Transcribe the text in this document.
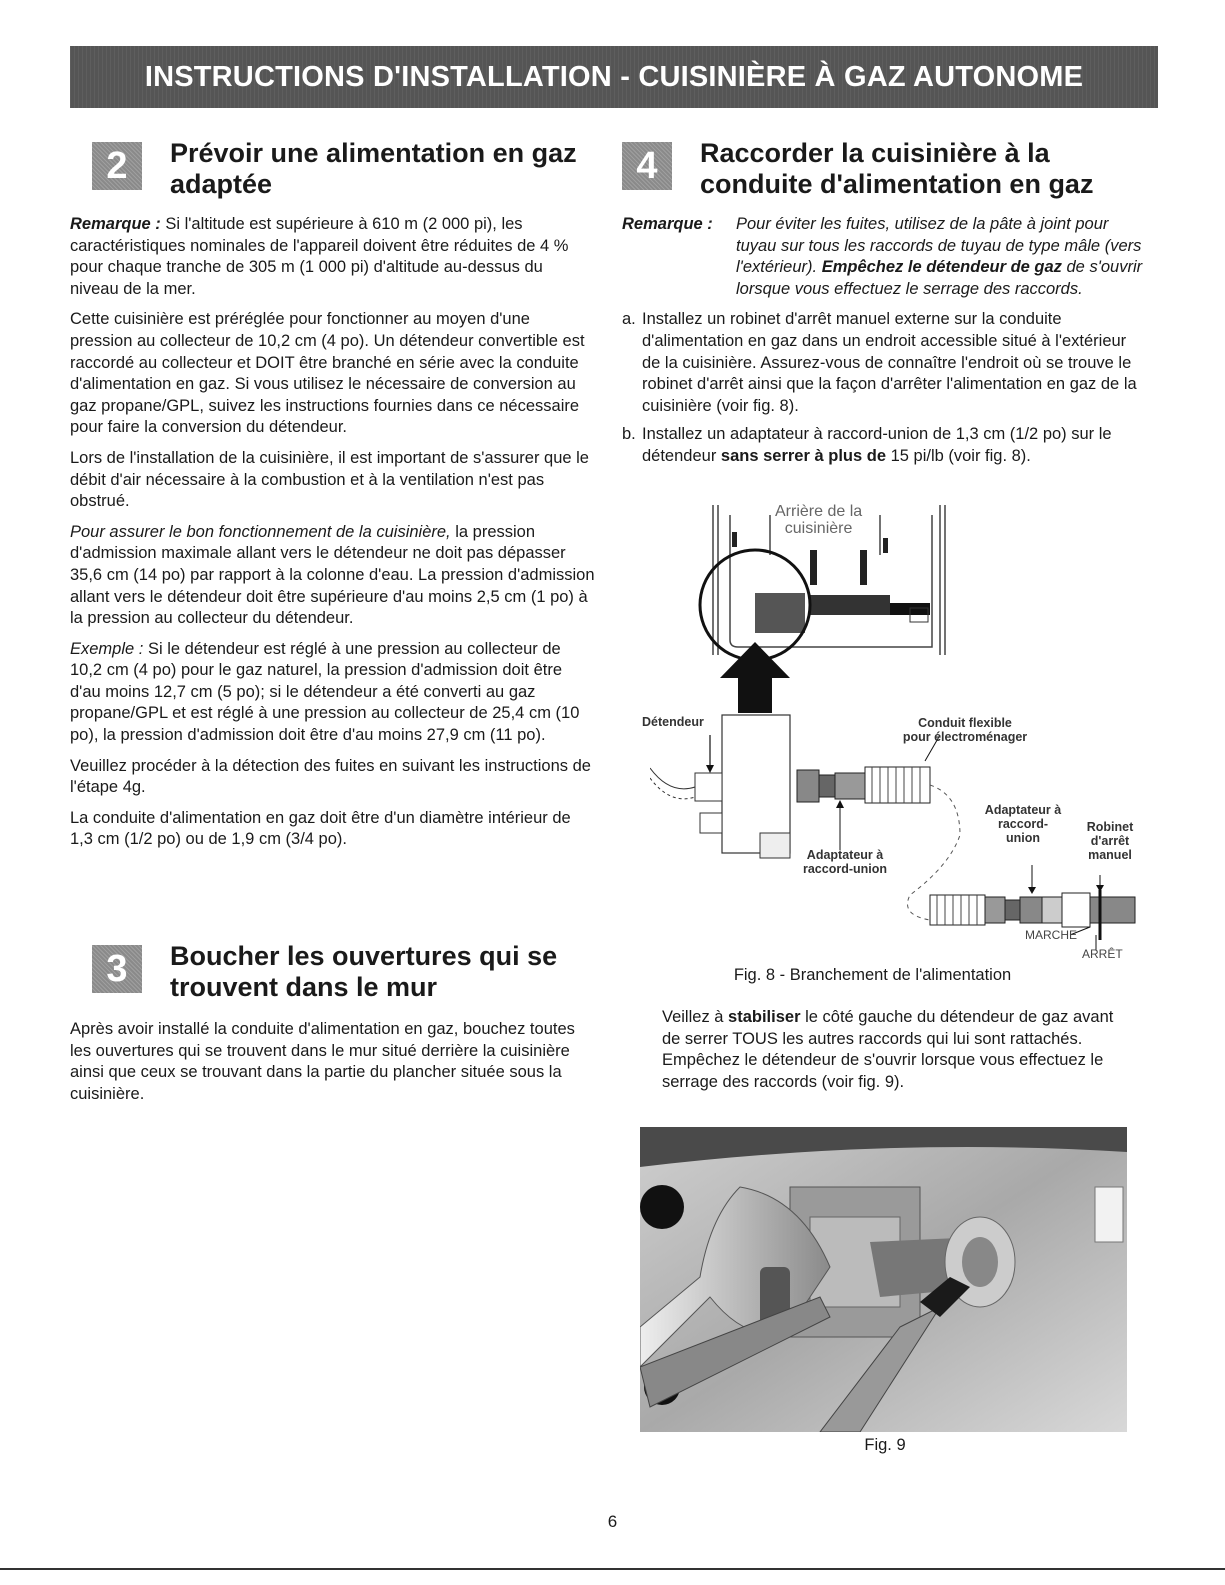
INSTRUCTIONS D'INSTALLATION - CUISINIÈRE À GAZ AUTONOME
2	Prévoir une alimentation en gaz
adaptée

Remarque : Si l'altitude est supérieure à 610 m (2 000 pi), les caractéristiques nominales de l'appareil doivent être réduites de 4 % pour chaque tranche de 305 m (1 000 pi) d'altitude au-dessus du niveau de la mer.

Cette cuisinière est préréglée pour fonctionner au moyen d'une pression au collecteur de 10,2 cm (4 po). Un détendeur convertible est raccordé au collecteur et DOIT être branché en série avec la conduite d'alimentation en gaz. Si vous utilisez le nécessaire de conversion au gaz propane/GPL, suivez les instructions fournies dans ce nécessaire pour faire la conversion du détendeur.

Lors de l'installation de la cuisinière, il est important de s'assurer que le débit d'air nécessaire à la combustion et à la ventilation n'est pas obstrué.

Pour assurer le bon fonctionnement de la cuisinière, la pression d'admission maximale allant vers le détendeur ne doit pas dépasser 35,6 cm (14 po) par rapport à la colonne d'eau. La pression d'admission allant vers le détendeur doit être supérieure d'au moins 2,5 cm (1 po) à la pression au collecteur du détendeur.

Exemple : Si le détendeur est réglé à une pression au collecteur de 10,2 cm (4 po) pour le gaz naturel, la pression d'admission doit être d'au moins 12,7 cm (5 po); si le détendeur a été converti au gaz propane/GPL et est réglé à une pression au collecteur de 25,4 cm (10 po), la pression d'admission doit être d'au moins 27,9 cm (11 po).

Veuillez procéder à la détection des fuites en suivant les instructions de l'étape 4g.

La conduite d'alimentation en gaz doit être d'un diamètre intérieur de 1,3 cm (1/2 po) ou de 1,9 cm (3/4 po).

3	Boucher les ouvertures qui se
trouvent dans le mur

Après avoir installé la conduite d'alimentation en gaz, bouchez toutes les ouvertures qui se trouvent dans le mur situé derrière la cuisinière ainsi que ceux se trouvant dans la partie du plancher située sous la cuisinière.

4	Raccorder la cuisinière à la
conduite d'alimentation en gaz
Remarque :	Pour éviter les fuites, utilisez de la pâte à joint pour tuyau sur tous les raccords de tuyau de type mâle (vers l'extérieur). Empêchez le détendeur de gaz de s'ouvrir lorsque vous effectuez le serrage des raccords.
a. Installez un robinet d'arrêt manuel externe sur la conduite d'alimentation en gaz dans un endroit accessible situé à l'extérieur de la cuisinière. Assurez-vous de connaître l'endroit où se trouve le robinet d'arrêt ainsi que la façon d'arrêter l'alimentation en gaz de la cuisinière (voir fig. 8).
b. Installez un adaptateur à raccord-union de 1,3 cm (1/2 po) sur le détendeur sans serrer à plus de 15 pi/lb (voir fig. 8).
Arrière de la
cuisinière
Détendeur	Conduit flexible
pour électroménager
Adaptateur à
raccord-
union
Robinet
d'arrêt
manuel
Adaptateur à
raccord-union
MARCHE
ARRÊT
Fig. 8 - Branchement de l'alimentation

Veillez à stabiliser le côté gauche du détendeur de gaz avant de serrer TOUS les autres raccords qui lui sont rattachés. Empêchez le détendeur de s'ouvrir lorsque vous effectuez le serrage des raccords (voir fig. 9).

Fig. 9
6
